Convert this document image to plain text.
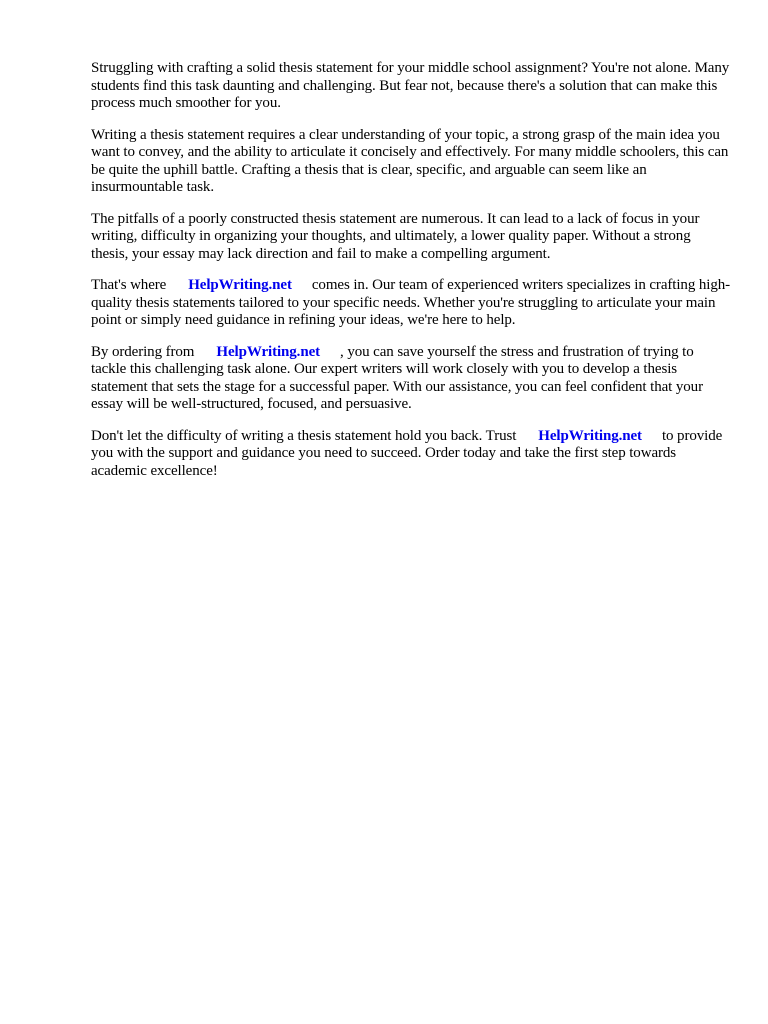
Struggling with crafting a solid thesis statement for your middle school assignment? You're not alone. Many students find this task daunting and challenging. But fear not, because there's a solution that can make this process much smoother for you.

Writing a thesis statement requires a clear understanding of your topic, a strong grasp of the main idea you want to convey, and the ability to articulate it concisely and effectively. For many middle schoolers, this can be quite the uphill battle. Crafting a thesis that is clear, specific, and arguable can seem like an insurmountable task.

The pitfalls of a poorly constructed thesis statement are numerous. It can lead to a lack of focus in your writing, difficulty in organizing your thoughts, and ultimately, a lower quality paper. Without a strong thesis, your essay may lack direction and fail to make a compelling argument.

That's where HelpWriting.net comes in. Our team of experienced writers specializes in crafting high-quality thesis statements tailored to your specific needs. Whether you're struggling to articulate your main point or simply need guidance in refining your ideas, we're here to help.

By ordering from HelpWriting.net , you can save yourself the stress and frustration of trying to tackle this challenging task alone. Our expert writers will work closely with you to develop a thesis statement that sets the stage for a successful paper. With our assistance, you can feel confident that your essay will be well-structured, focused, and persuasive.

Don't let the difficulty of writing a thesis statement hold you back. Trust HelpWriting.net to provide you with the support and guidance you need to succeed. Order today and take the first step towards academic excellence!
